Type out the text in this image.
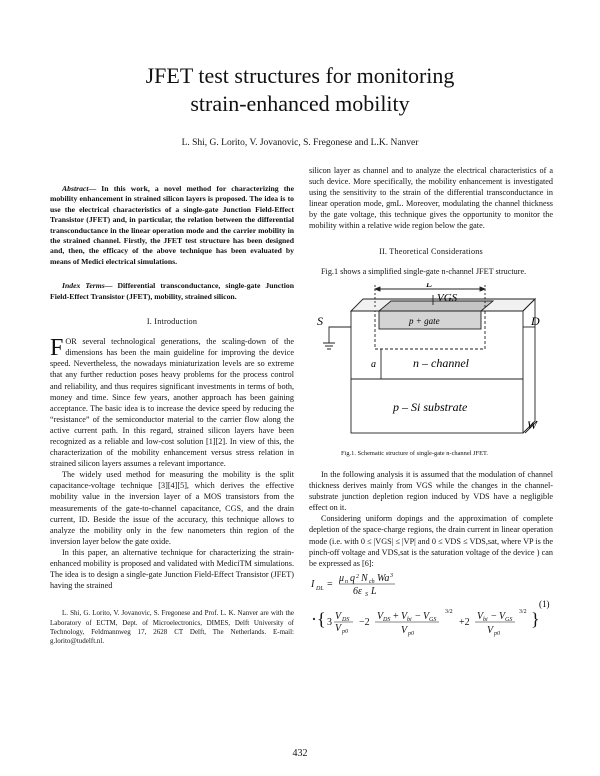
JFET test structures for monitoring
strain-enhanced mobility
L. Shi, G. Lorito, V. Jovanovic, S. Fregonese and L.K. Nanver

Abstract— In this work, a novel method for characterizing the mobility enhancement in strained silicon layers is proposed. The idea is to use the electrical characteristics of a single-gate Junction Field-Effect Transistor (JFET) and, in particular, the relation between the differential transconductance in the linear operation mode and the carrier mobility in the strained channel. Firstly, the JFET test structure has been designed and, then, the efficacy of the above technique has been evaluated by means of Medici electrical simulations.

Index Terms— Differential transconductance, single-gate Junction Field-Effect Transistor (JFET), mobility, strained silicon.

I. Introduction

FOR several technological generations, the scaling-down of the dimensions has been the main guideline for improving the device speed. Nevertheless, the nowadays miniaturization levels are so extreme that any further reduction poses heavy problems for the process control and reliability, and thus requires significant investments in terms of both, money and time. Since few years, another approach has been gaining acceptance. The basic idea is to increase the device speed by reducing the “resistance” of the semiconductor material to the carrier flow along the active current path. In this regard, strained silicon layers have been recognized as a reliable and low-cost solution [1][2]. In view of this, the characterization of the mobility enhancement versus stress relation in strained silicon layers assumes a relevant importance.

The widely used method for measuring the mobility is the split capacitance-voltage technique [3][4][5], which derives the effective mobility value in the inversion layer of a MOS transistors from the measurements of the gate-to-channel capacitance, CGS, and the drain current, ID. Beside the issue of the accuracy, this technique allows to analyze the mobility only in the few nanometers thin region of the inversion layer below the gate oxide.

In this paper, an alternative technique for characterizing the strain-enhanced mobility is proposed and validated with MediciTM simulations. The idea is to design a single-gate Junction Field-Effect Transistor (JFET) having the strained

L. Shi, G. Lorito, V. Jovanovic, S. Fregonese and Prof. L. K. Nanver are with the Laboratory of ECTM, Dept. of Microelectronics, DIMES, Delft University of Technology, Feldmannweg 17, 2628 CT Delft, The Netherlands. E-mail: g.lorito@tudelft.nl.

silicon layer as channel and to analyze the electrical characteristics of a such device. More specifically, the mobility enhancement is investigated using the sensitivity to the strain of the differential transconductance in linear operation mode, gmL. Moreover, modulating the channel thickness by the gate voltage, this technique gives the opportunity to monitor the mobility within a relative wide region below the gate.

II. Theoretical Considerations

Fig.1 shows a simplified single-gate n-channel JFET structure.

L
VGS
p + gate
S	D
a	n – channel
p – Si substrate
W
Fig.1. Schematic structure of single-gate n-channel JFET.

In the following analysis it is assumed that the modulation of channel thickness derives mainly from VGS while the changes in the channel-substrate junction depletion region induced by VDS have a negligible effect on it.

Considering uniform dopings and the approximation of complete depletion of the space-charge regions, the drain current in linear operation mode (i.e. with 0 ≤ |VGS| ≤ |VP| and 0 ≤ VDS ≤ VDS,sat, where VP is the pinch-off voltage and VDS,sat is the saturation voltage of the device ) can be expressed as [6]:

I DL =
μ n q 2 N ch Wa 3
6ε S L
·{ 3
V DS
V p0
−2
V DS + V bi − V GS
V p0
3/2
+2
V bi − V GS
V p0
3/2 }
(1)
432
